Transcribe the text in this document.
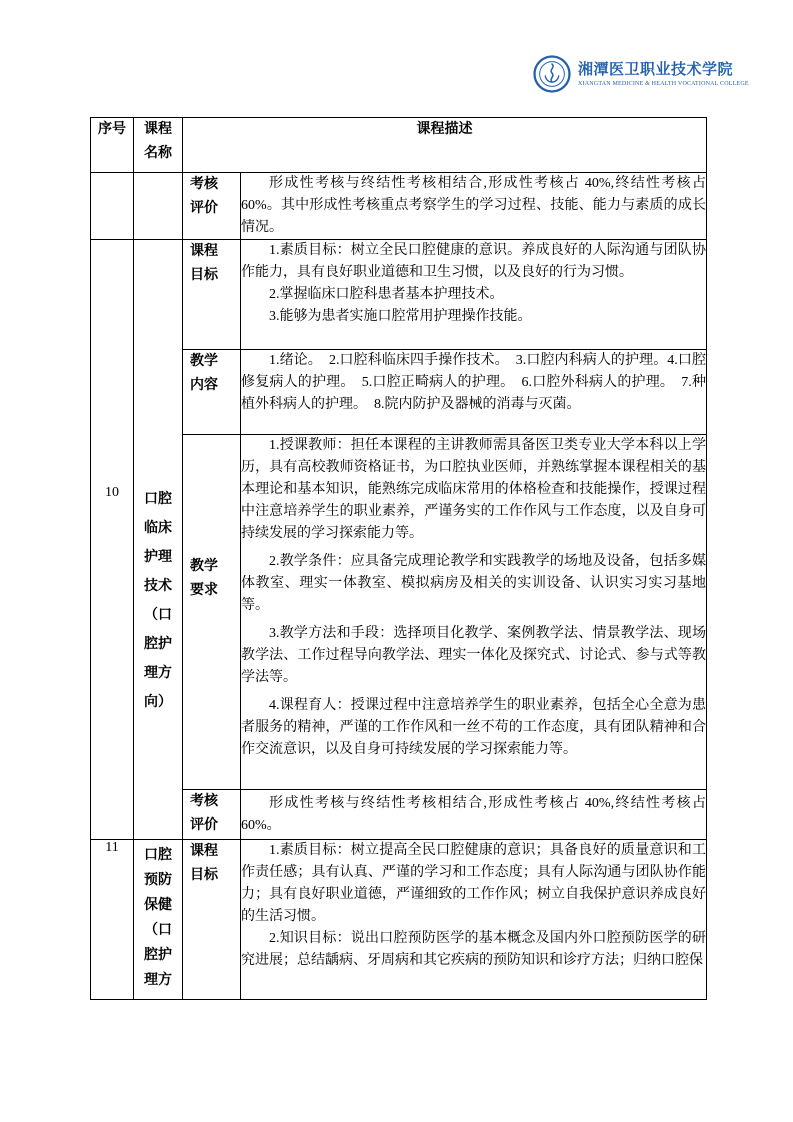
湘潭医卫职业技术学院
XIANGTAN MEDICINE & HEALTH VOCATIONAL COLLEGE
序号	课程名称	课程描述	

		考核评价	形成性考核与终结性考核相结合,形成性考核占 40%,终结性考核占 60%。其中形成性考核重点考察学生的学习过程、技能、能力与素质的成长情况。

10	口腔临床护理技术（口腔护理方向）	课程目标	1.素质目标：树立全民口腔健康的意识。养成良好的人际沟通与团队协作能力，具有良好职业道德和卫生习惯，以及良好的行为习惯。

2.掌握临床口腔科患者基本护理技术。

3.能够为患者实施口腔常用护理操作技能。

		教学内容	1.绪论。　2.口腔科临床四手操作技术。　3.口腔内科病人的护理。4.口腔修复病人的护理。　5.口腔正畸病人的护理。　6.口腔外科病人的护理。　7.种植外科病人的护理。　8.院内防护及器械的消毒与灭菌。

		教学要求	1.授课教师：担任本课程的主讲教师需具备医卫类专业大学本科以上学历，具有高校教师资格证书，为口腔执业医师，并熟练掌握本课程相关的基本理论和基本知识，能熟练完成临床常用的体格检查和技能操作，授课过程中注意培养学生的职业素养，严谨务实的工作作风与工作态度，以及自身可持续发展的学习探索能力等。

2.教学条件：应具备完成理论教学和实践教学的场地及设备，包括多媒体教室、理实一体教室、模拟病房及相关的实训设备、认识实习实习基地等。

3.教学方法和手段：选择项目化教学、案例教学法、情景教学法、现场教学法、工作过程导向教学法、理实一体化及探究式、讨论式、参与式等教学法等。

4.课程育人：授课过程中注意培养学生的职业素养，包括全心全意为患者服务的精神，严谨的工作作风和一丝不苟的工作态度，具有团队精神和合作交流意识，以及自身可持续发展的学习探索能力等。

		考核评价	形成性考核与终结性考核相结合,形成性考核占 40%,终结性考核占 60%。

11	口腔预防保健（口腔护理方	课程目标	1.素质目标：树立提高全民口腔健康的意识；具备良好的质量意识和工作责任感；具有认真、严谨的学习和工作态度；具有人际沟通与团队协作能力；具有良好职业道德，严谨细致的工作作风；树立自我保护意识养成良好的生活习惯。

2.知识目标：说出口腔预防医学的基本概念及国内外口腔预防医学的研究进展；总结龋病、牙周病和其它疾病的预防知识和诊疗方法；归纳口腔保
